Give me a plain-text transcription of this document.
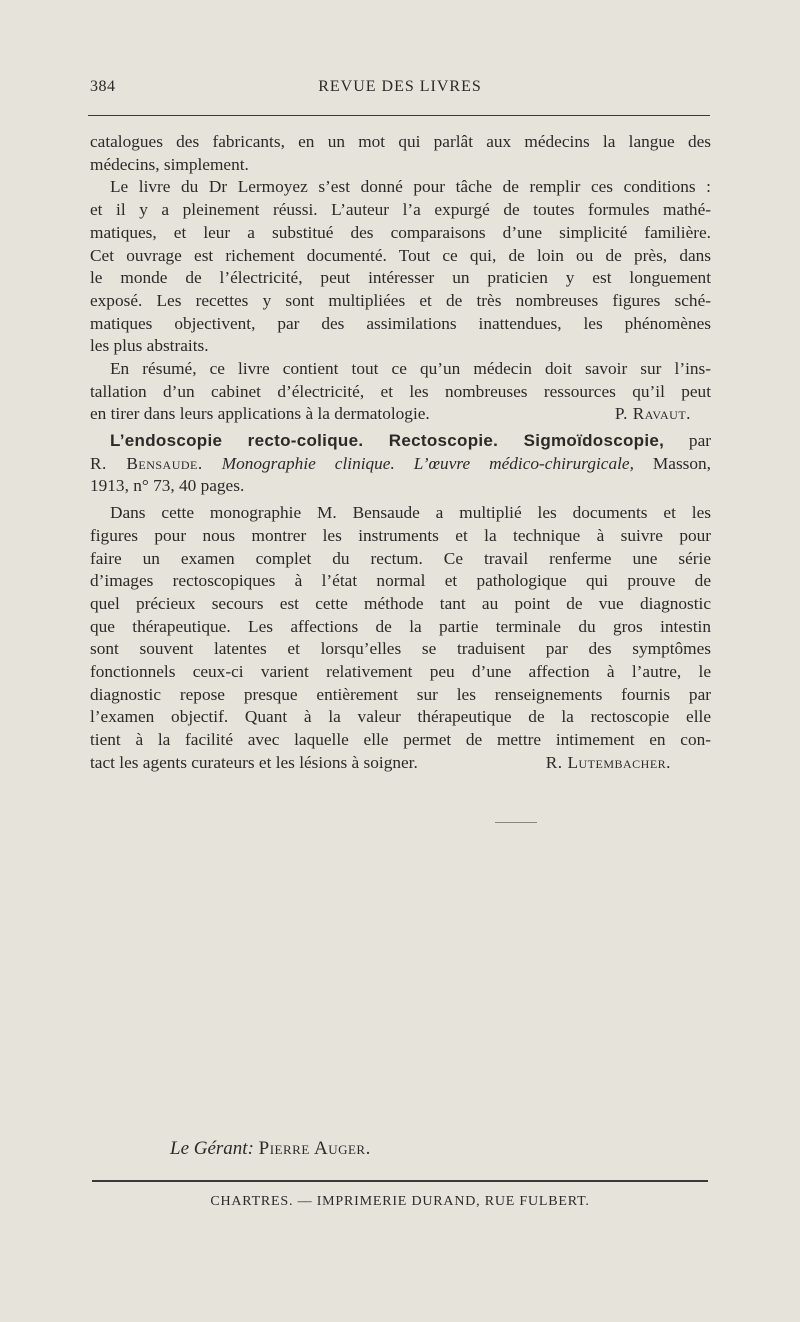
384	REVUE DES LIVRES

catalogues des fabricants, en un mot qui parlât aux médecins la langue des
médecins, simplement.

Le livre du Dr Lermoyez s’est donné pour tâche de remplir ces conditions :
et il y a pleinement réussi. L’auteur l’a expurgé de toutes formules mathé-
matiques, et leur a substitué des comparaisons d’une simplicité familière.
Cet ouvrage est richement documenté. Tout ce qui, de loin ou de près, dans
le monde de l’électricité, peut intéresser un praticien y est longuement
exposé. Les recettes y sont multipliées et de très nombreuses figures sché-
matiques objectivent, par des assimilations inattendues, les phénomènes
les plus abstraits.

En résumé, ce livre contient tout ce qu’un médecin doit savoir sur l’ins-
tallation d’un cabinet d’électricité, et les nombreuses ressources qu’il peut
en tirer dans leurs applications à la dermatologie.	P. Ravaut.

L’endoscopie recto-colique. Rectoscopie. Sigmoïdoscopie, par
R. Bensaude. Monographie clinique. L’œuvre médico-chirurgicale, Masson,
1913, n° 73, 40 pages.

Dans cette monographie M. Bensaude a multiplié les documents et les
figures pour nous montrer les instruments et la technique à suivre pour
faire un examen complet du rectum. Ce travail renferme une série
d’images rectoscopiques à l’état normal et pathologique qui prouve de
quel précieux secours est cette méthode tant au point de vue diagnostic
que thérapeutique. Les affections de la partie terminale du gros intestin
sont souvent latentes et lorsqu’elles se traduisent par des symptômes
fonctionnels ceux-ci varient relativement peu d’une affection à l’autre, le
diagnostic repose presque entièrement sur les renseignements fournis par
l’examen objectif. Quant à la valeur thérapeutique de la rectoscopie elle
tient à la facilité avec laquelle elle permet de mettre intimement en con-
tact les agents curateurs et les lésions à soigner.	R. Lutembacher.

Le Gérant: Pierre Auger.
CHARTRES. — IMPRIMERIE DURAND, RUE FULBERT.
